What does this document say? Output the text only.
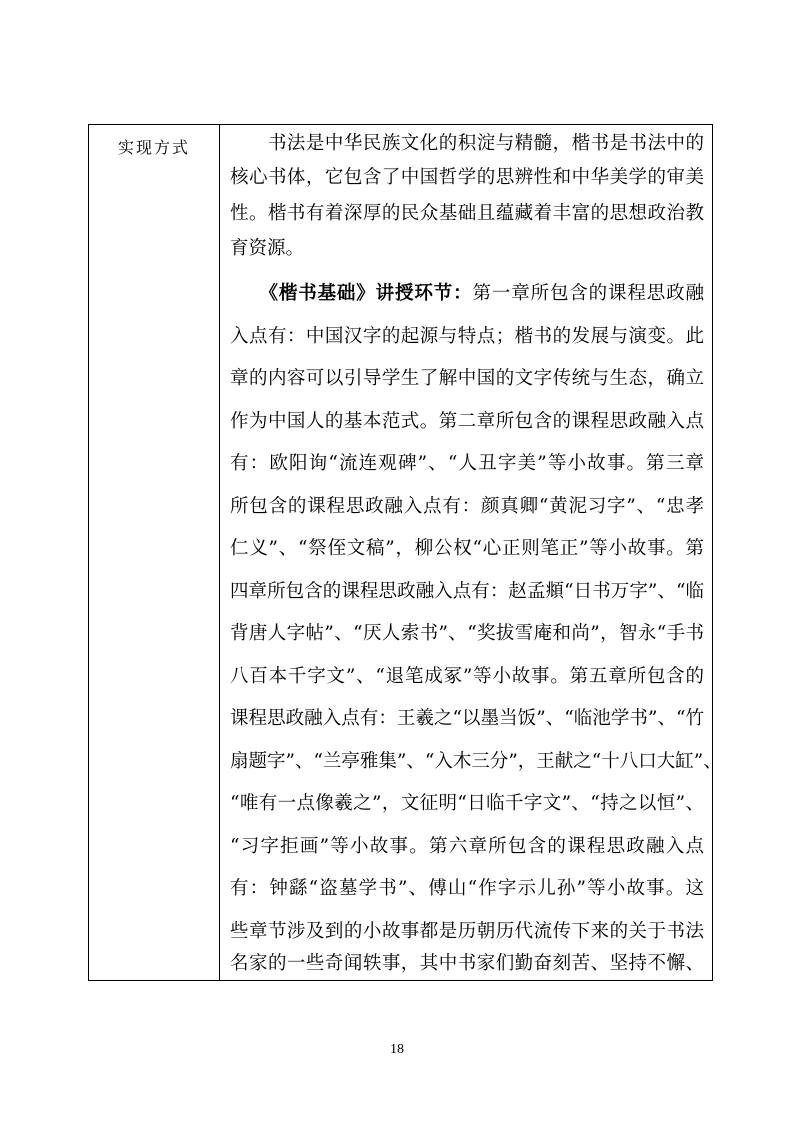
实现方式	　　书法是中华民族文化的积淀与精髓，楷书是书法中的
核心书体，它包含了中国哲学的思辨性和中华美学的审美
性。楷书有着深厚的民众基础且蕴藏着丰富的思想政治教
育资源。
　　《楷书基础》讲授环节：第一章所包含的课程思政融
入点有：中国汉字的起源与特点；楷书的发展与演变。此
章的内容可以引导学生了解中国的文字传统与生态，确立
作为中国人的基本范式。第二章所包含的课程思政融入点
有：欧阳询“流连观碑”、“人丑字美”等小故事。第三章
所包含的课程思政融入点有：颜真卿“黄泥习字”、“忠孝
仁义”、“祭侄文稿”，柳公权“心正则笔正”等小故事。第
四章所包含的课程思政融入点有：赵孟頫“日书万字”、“临
背唐人字帖”、“厌人索书”、“奖拔雪庵和尚”，智永“手书
八百本千字文”、“退笔成冢”等小故事。第五章所包含的
课程思政融入点有：王羲之“以墨当饭”、“临池学书”、“竹
扇题字”、“兰亭雅集”、“入木三分”，王献之“十八口大缸”、
“唯有一点像羲之”，文征明“日临千字文”、“持之以恒”、
“习字拒画”等小故事。第六章所包含的课程思政融入点
有：钟繇“盗墓学书”、傅山“作字示儿孙”等小故事。这
些章节涉及到的小故事都是历朝历代流传下来的关于书法
名家的一些奇闻轶事，其中书家们勤奋刻苦、坚持不懈、
18
